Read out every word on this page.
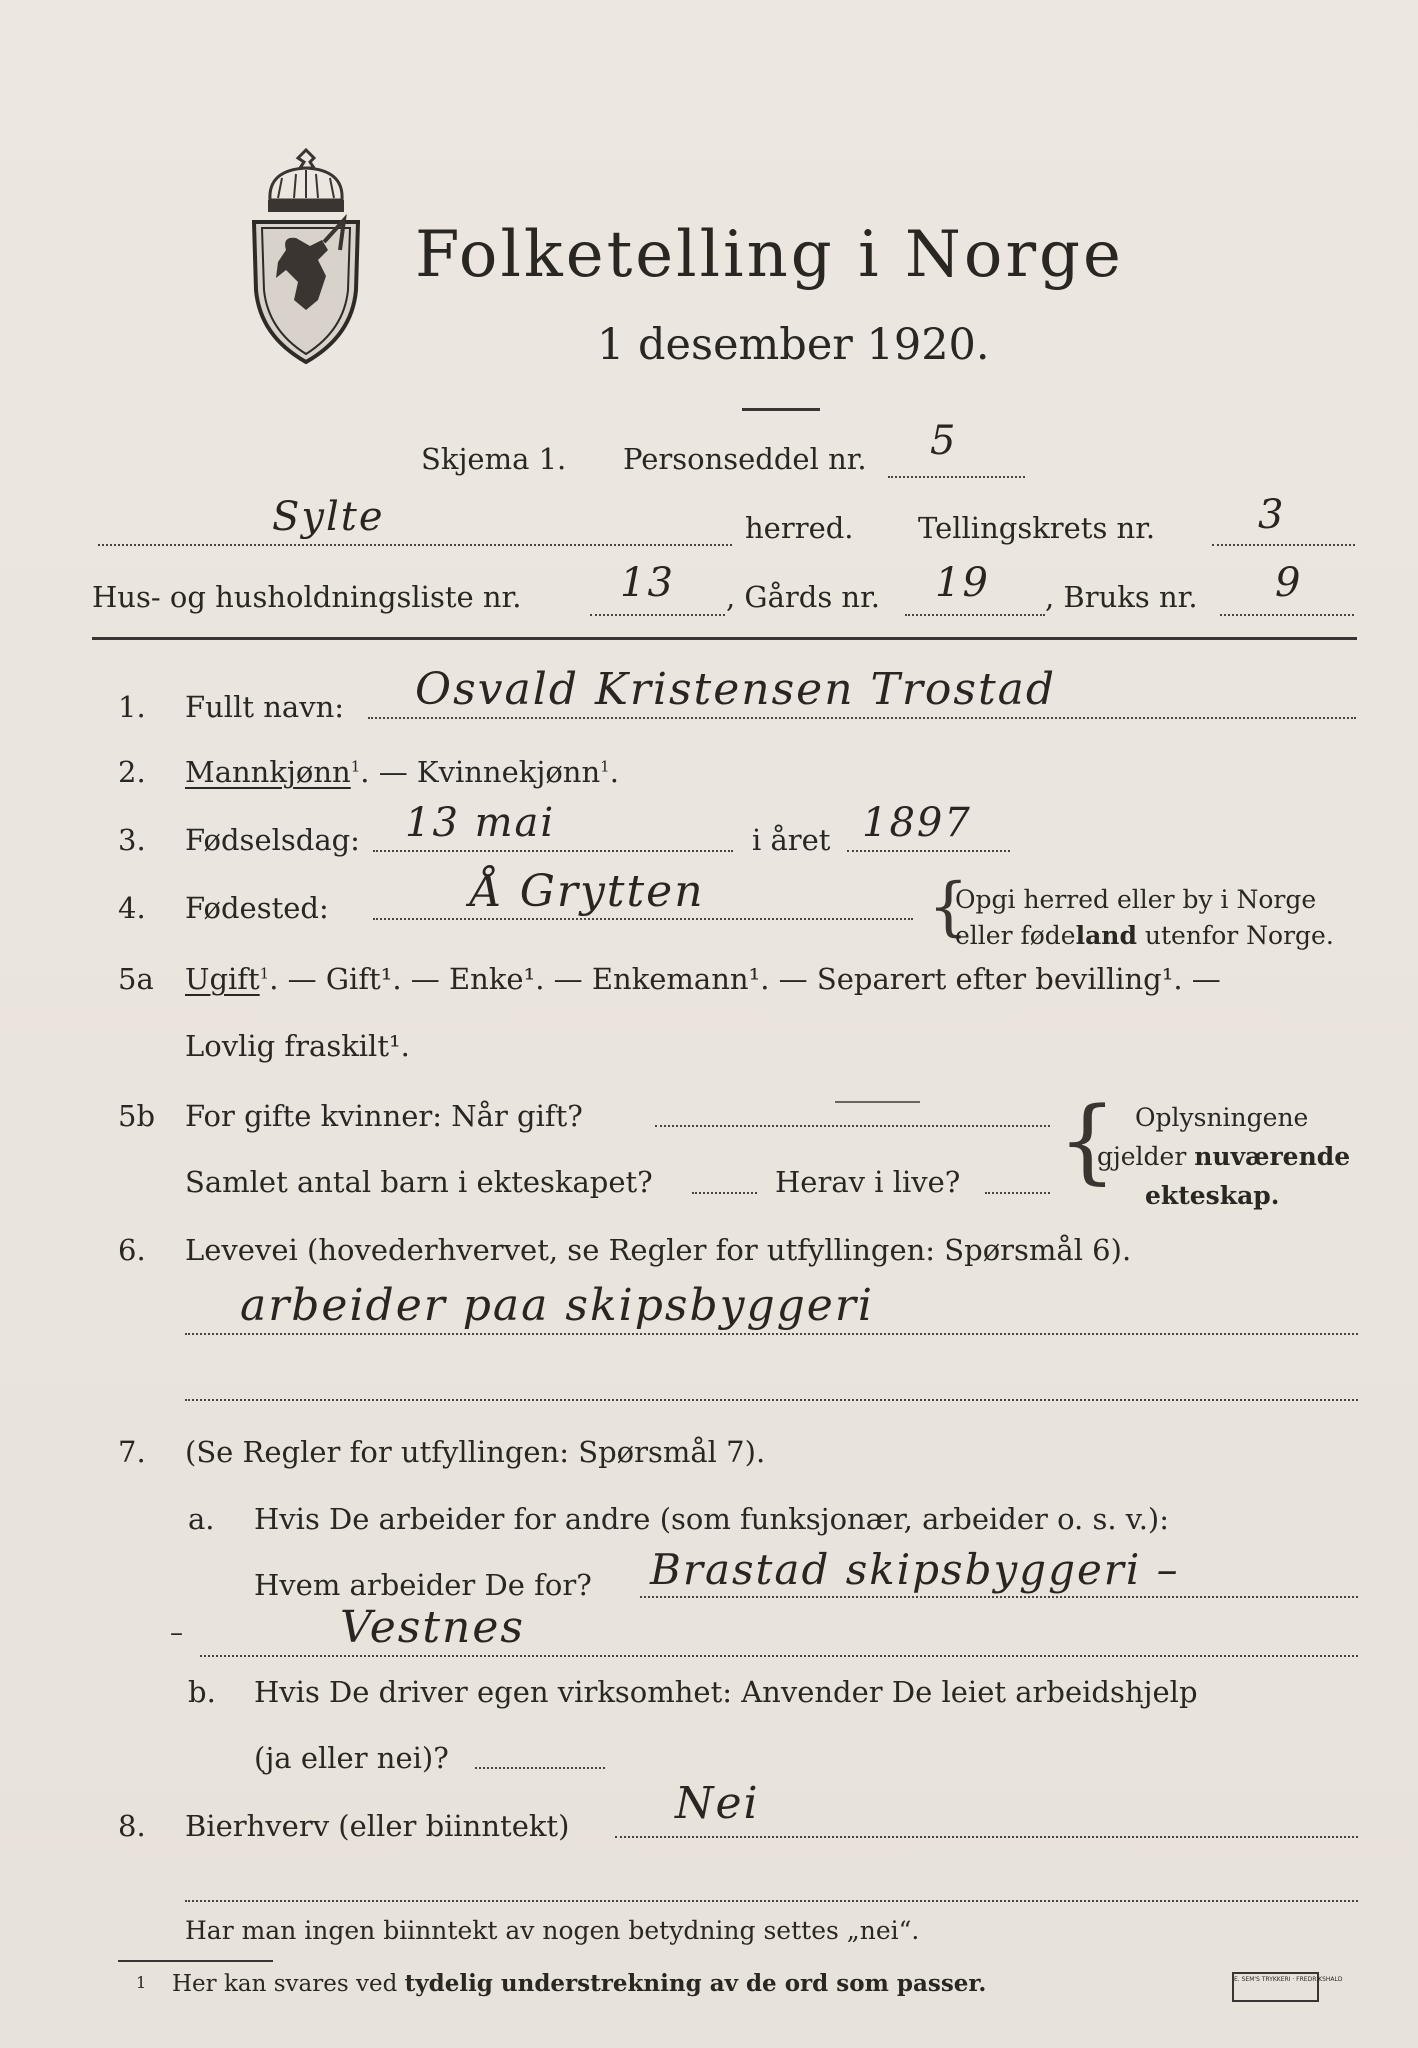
Folketelling i Norge
1 desember 1920.
Skjema 1. Personseddel nr. 5
Sylte	herred. Tellingskrets nr.	3
Hus- og husholdningsliste nr. 13 , Gårds nr. 19 , Bruks nr. 9
1. Fullt navn: Osvald Kristensen Trostad
2. Mannkjønn$^1$. — Kvinnekjønn$^1$.
3. Fødselsdag: 13 mai	i året 1897
4. Fødested:	Å Grytten	{
Opgi herred eller by i Norge
eller fødeland utenfor Norge.
5a Ugift$^1$. — Gift¹. — Enke¹. — Enkemann¹. — Separert efter bevilling¹. —
Lovlig fraskilt¹.
5b For gifte kvinner: Når gift?
Samlet antal barn i ekteskapet?	Herav i live? { Oplysningene
gjelder nuværende
ekteskap.
6. Levevei (hovederhvervet, se Regler for utfyllingen: Spørsmål 6).
arbeider paa skipsbyggeri
7. (Se Regler for utfyllingen: Spørsmål 7).
a. Hvis De arbeider for andre (som funksjonær, arbeider o. s. v.):
Hvem arbeider De for? Brastad skipsbyggeri –
–	Vestnes
b. Hvis De driver egen virksomhet: Anvender De leiet arbeidshjelp
(ja eller nei)?
8. Bierhverv (eller biinntekt) Nei
Har man ingen biinntekt av nogen betydning settes „nei“.
1 Her kan svares ved tydelig understrekning av de ord som passer.	E. SEM'S TRYKKERI · FREDRIKSHALD
